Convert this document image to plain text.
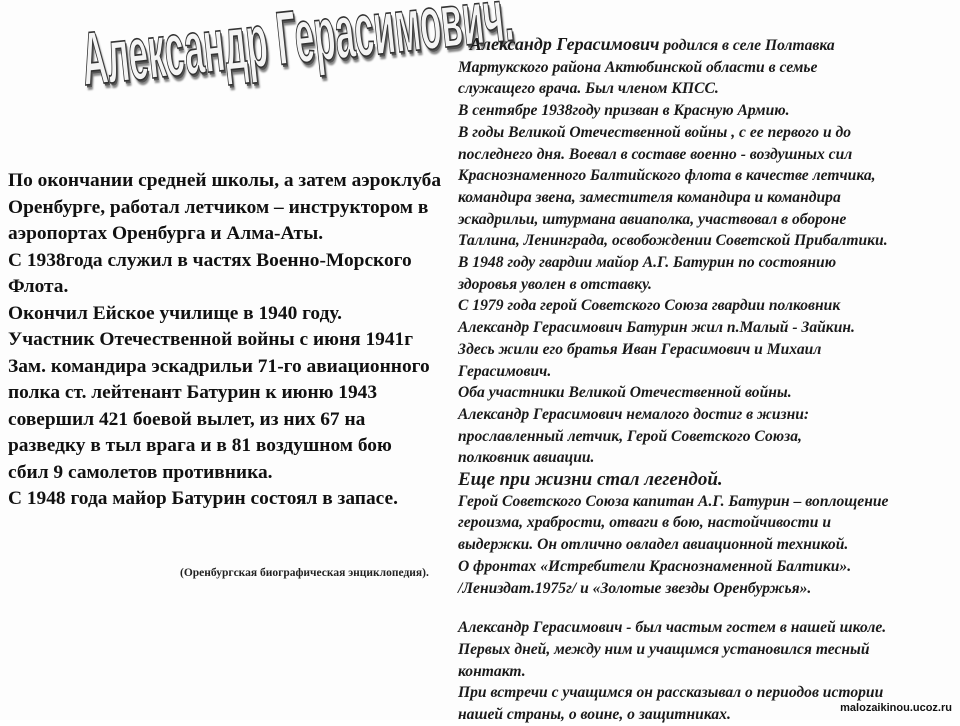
По окончании средней школы, а затем аэроклуба
Оренбурге, работал летчиком – инструктором в
аэропортах Оренбурга и Алма-Аты.
С 1938года служил в частях Военно-Морского
Флота.
Окончил Ейское училище в 1940 году.
Участник Отечественной войны с июня 1941г
Зам. командира эскадрильи 71-го авиационного
полка ст. лейтенант Батурин к июню 1943
совершил 421 боевой вылет, из них 67 на
разведку в тыл врага и в 81 воздушном бою
сбил 9 самолетов противника.
С 1948 года майор Батурин состоял в запасе.
(Оренбургская биографическая энциклопедия).
Александр Герасимович родился в селе Полтавка
Мартукского района Актюбинской области в семье
служащего врача. Был членом КПСС.
В сентябре 1938году призван в Красную Армию.
В годы Великой Отечественной войны , с ее первого и до
последнего дня. Воевал в составе военно - воздушных сил
Краснознаменного Балтийского флота в качестве летчика,
командира звена, заместителя командира и командира
эскадрильи, штурмана авиаполка, участвовал в обороне
Таллина, Ленинграда, освобождении Советской Прибалтики.
В 1948 году гвардии майор А.Г. Батурин по состоянию
здоровья уволен в отставку.
С 1979 года герой Советского Союза гвардии полковник
Александр Герасимович Батурин жил п.Малый - Зайкин.
Здесь жили его братья Иван Герасимович и Михаил
Герасимович.
Оба участники Великой Отечественной войны.
Александр Герасимович немалого достиг в жизни:
прославленный летчик, Герой Советского Союза,
полковник авиации.
Еще при жизни стал легендой.
Герой Советского Союза капитан А.Г. Батурин – воплощение
героизма, храбрости, отваги в бою, настойчивости и
выдержки. Он отлично овладел авиационной техникой.
О фронтах «Истребители Краснознаменной Балтики».
/Лениздат.1975г/ и «Золотые звезды Оренбуржья».
Александр Герасимович - был частым гостем в нашей школе.
Первых дней, между ним и учащимся установился тесный
контакт.
При встречи с учащимся он рассказывал о периодов истории
нашей страны, о воине, о защитниках.	malozaikinou.ucoz.ru
